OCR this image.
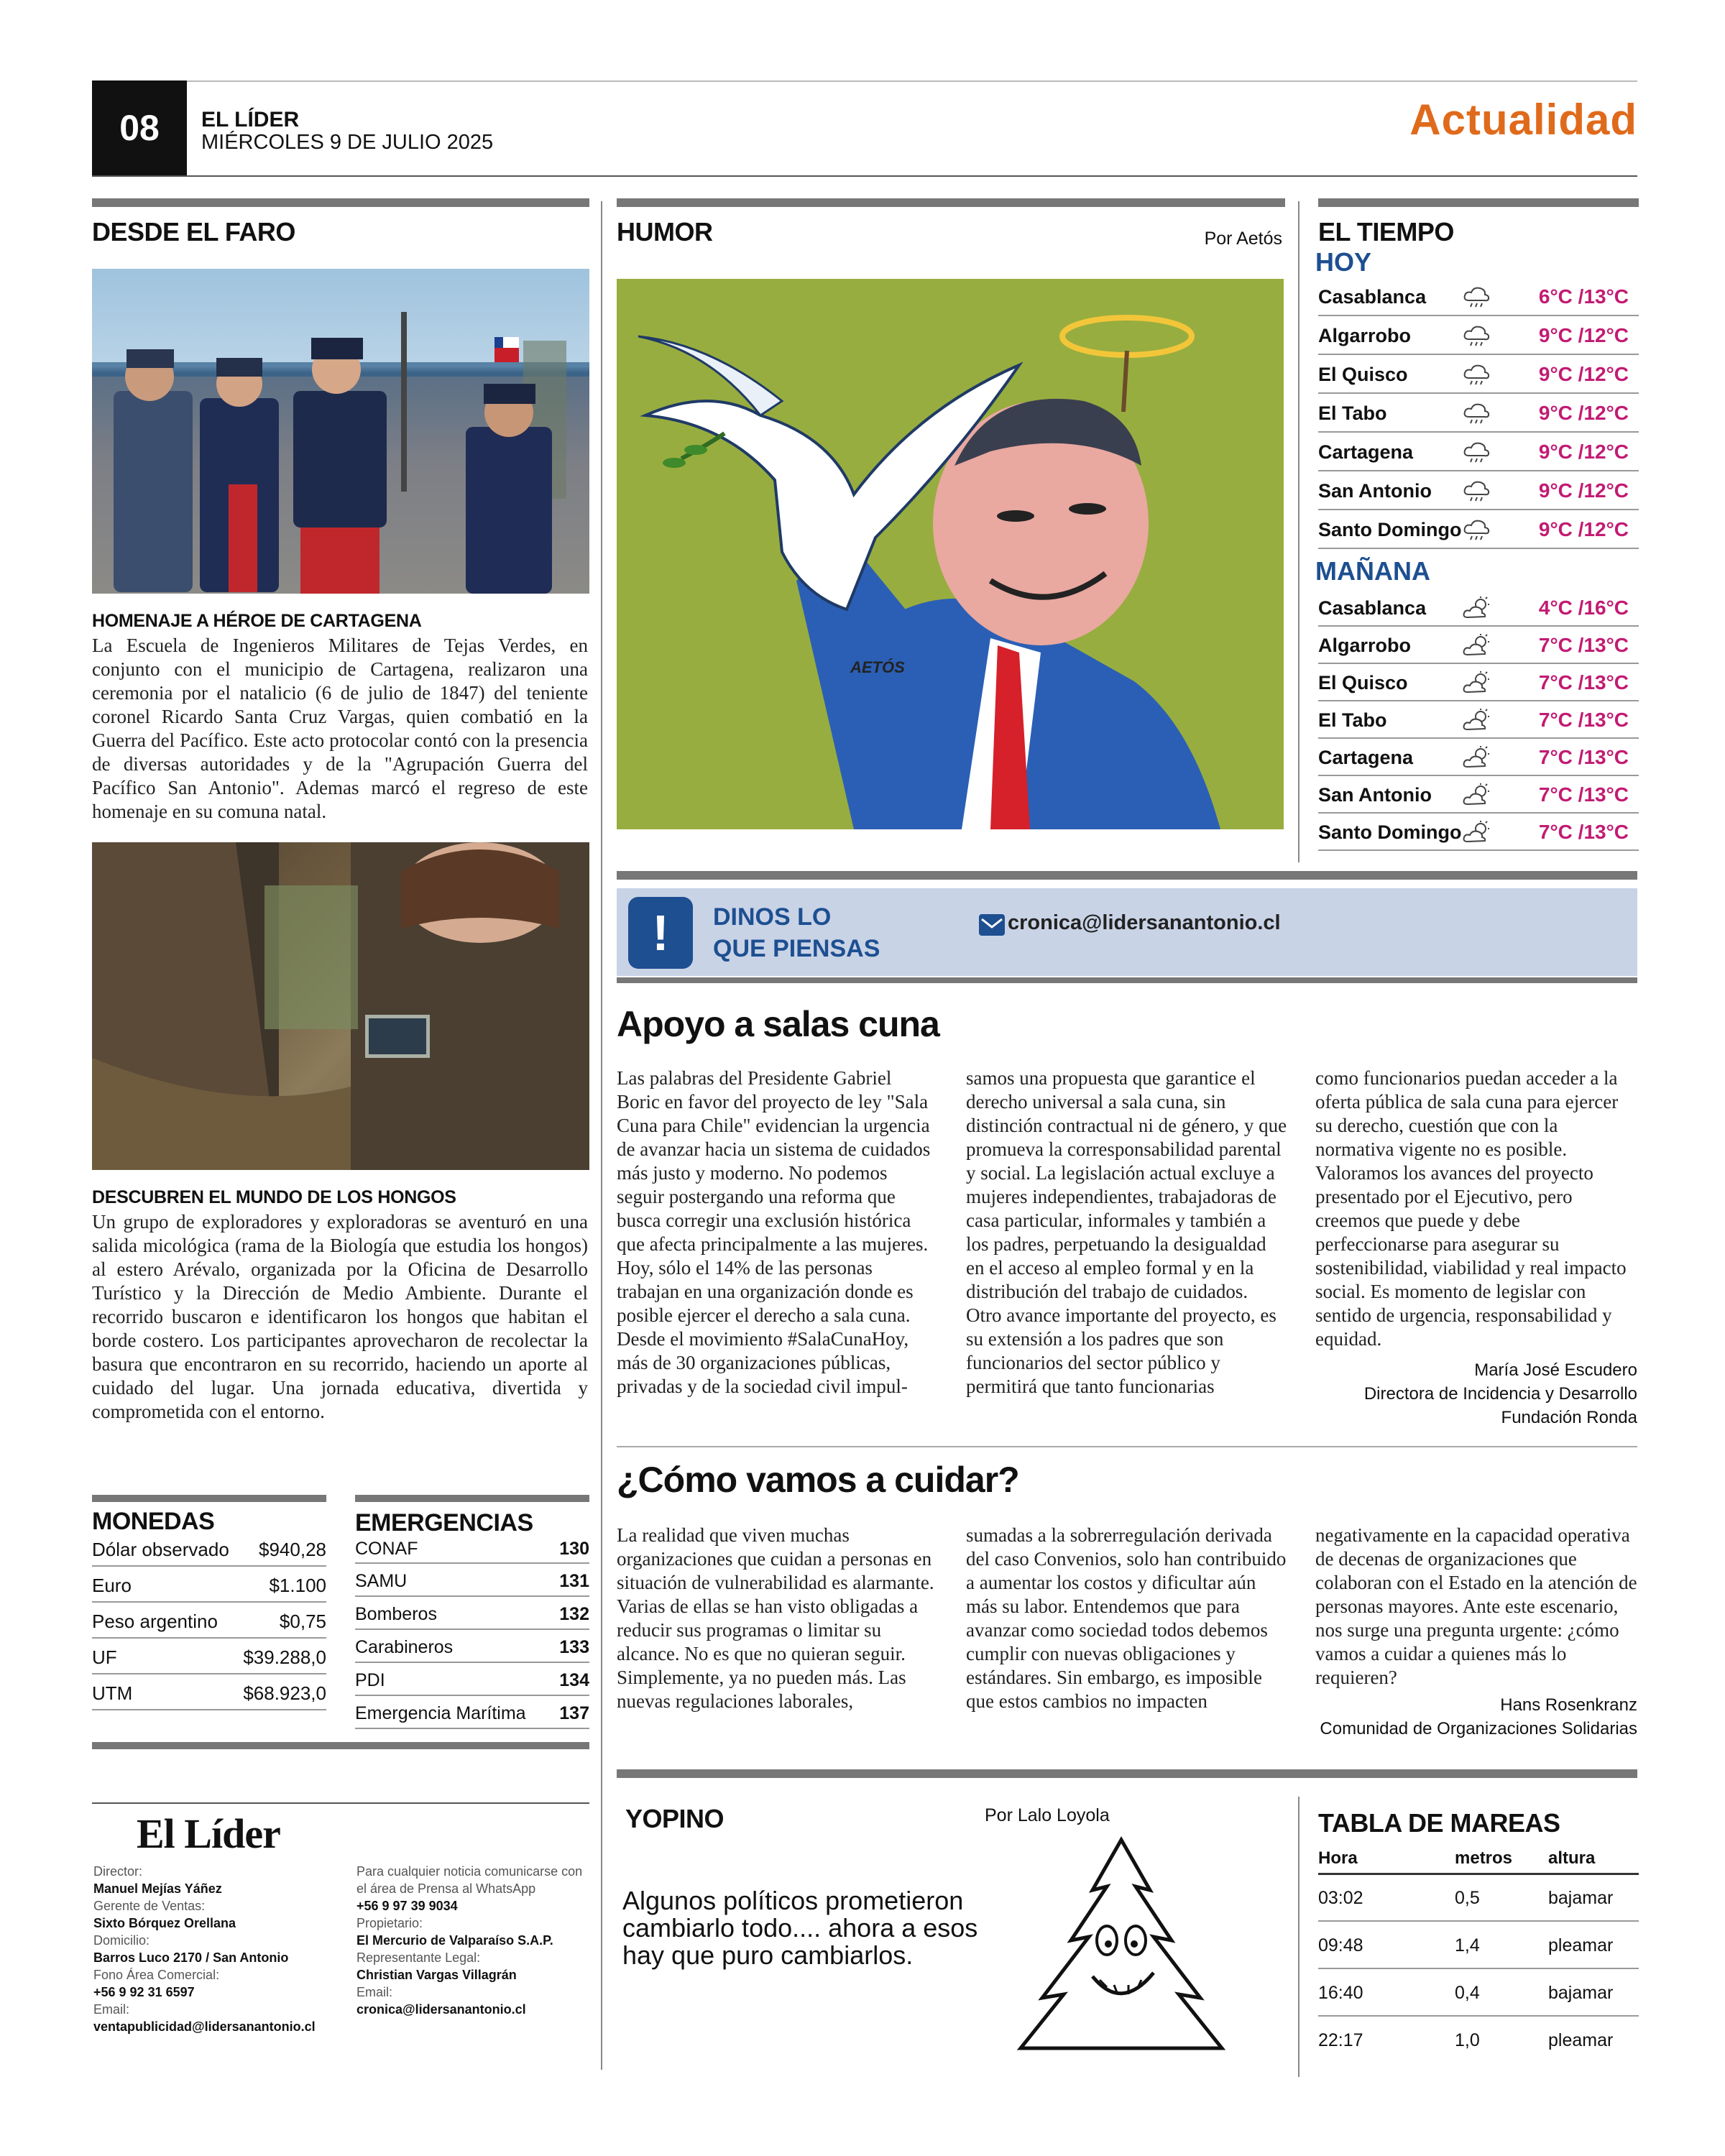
08 EL LÍDER
MIÉRCOLES 9 DE JULIO 2025	Actualidad
DESDE EL FARO
HOMENAJE A HÉROE DE CARTAGENA
La Escuela de Ingenieros Militares de Tejas Verdes, en conjunto con el municipio de Cartagena, realizaron una ceremonia por el natalicio (6 de julio de 1847) del teniente coronel Ricardo Santa Cruz Vargas, quien combatió en la Guerra del Pacífico. Este acto protocolar contó con la presencia de diversas autoridades y de la "Agrupación Guerra del Pacífico San Antonio". Ademas marcó el regreso de este homenaje en su comuna natal.
DESCUBREN EL MUNDO DE LOS HONGOS
Un grupo de exploradores y exploradoras se aventuró en una salida micológica (rama de la Biología que estudia los hongos) al estero Arévalo, organizada por la Oficina de Desarrollo Turístico y la Dirección de Medio Ambiente. Durante el recorrido buscaron e identificaron los hongos que habitan el borde costero. Los participantes aprovecharon de recolectar la basura que encontraron en su recorrido, haciendo un aporte al cuidado del lugar. Una jornada educativa, divertida y comprometida con el entorno.
MONEDAS
Dólar observado	$940,28
Euro	$1.100
Peso argentino	$0,75
UF	$39.288,0
UTM	$68.923,0
EMERGENCIAS
CONAF	130
SAMU	131
Bomberos	132
Carabineros	133
PDI	134
Emergencia Marítima	137
El Líder
Director:
Manuel Mejías Yáñez
Gerente de Ventas:
Sixto Bórquez Orellana
Domicilio:
Barros Luco 2170 / San Antonio
Fono Área Comercial:
+56 9 92 31 6597
Email:
ventapublicidad@lidersanantonio.cl
Para cualquier noticia comunicarse con el área de Prensa al WhatsApp
+56 9 97 39 9034
Propietario:
El Mercurio de Valparaíso S.A.P.
Representante Legal:
Christian Vargas Villagrán
Email:
cronica@lidersanantonio.cl
HUMOR	Por Aetós
AETÓS
EL TIEMPO
HOY
Casablanca	6°C /13°C
Algarrobo	9°C /12°C
El Quisco	9°C /12°C
El Tabo	9°C /12°C
Cartagena	9°C /12°C
San Antonio	9°C /12°C
Santo Domingo	9°C /12°C
MAÑANA
Casablanca	4°C /16°C
Algarrobo	7°C /13°C
El Quisco	7°C /13°C
El Tabo	7°C /13°C
Cartagena	7°C /13°C
San Antonio	7°C /13°C
Santo Domingo	7°C /13°C
!	DINOS LO
QUE PIENSAS
cronica@lidersanantonio.cl
Apoyo a salas cuna
Las palabras del Presidente Gabriel Boric en favor del proyecto de ley "Sala Cuna para Chile" evidencian la urgencia de avanzar hacia un sistema de cuidados más justo y moderno. No podemos seguir postergando una reforma que busca corregir una exclusión histórica que afecta principalmente a las mujeres. Hoy, sólo el 14% de las personas trabajan en una organización donde es posible ejercer el derecho a sala cuna. Desde el movimiento #SalaCunaHoy, más de 30 organizaciones públicas, privadas y de la sociedad civil impul-
samos una propuesta que garantice el derecho universal a sala cuna, sin distinción contractual ni de género, y que promueva la corresponsabilidad parental y social. La legislación actual excluye a mujeres independientes, trabajadoras de casa particular, informales y también a los padres, perpetuando la desigualdad en el acceso al empleo formal y en la distribución del trabajo de cuidados. Otro avance importante del proyecto, es su extensión a los padres que son funcionarios del sector público y permitirá que tanto funcionarias
como funcionarios puedan acceder a la oferta pública de sala cuna para ejercer su derecho, cuestión que con la normativa vigente no es posible. Valoramos los avances del proyecto presentado por el Ejecutivo, pero creemos que puede y debe perfeccionarse para asegurar su sostenibilidad, viabilidad y real impacto social. Es momento de legislar con sentido de urgencia, responsabilidad y equidad.
María José Escudero
Directora de Incidencia y Desarrollo
Fundación Ronda
¿Cómo vamos a cuidar?
La realidad que viven muchas organizaciones que cuidan a personas en situación de vulnerabilidad es alarmante. Varias de ellas se han visto obligadas a reducir sus programas o limitar su alcance. No es que no quieran seguir. Simplemente, ya no pueden más. Las nuevas regulaciones laborales,
sumadas a la sobrerregulación derivada del caso Convenios, solo han contribuido a aumentar los costos y dificultar aún más su labor. Entendemos que para avanzar como sociedad todos debemos cumplir con nuevas obligaciones y estándares. Sin embargo, es imposible que estos cambios no impacten
negativamente en la capacidad operativa de decenas de organizaciones que colaboran con el Estado en la atención de personas mayores. Ante este escenario, nos surge una pregunta urgente: ¿cómo vamos a cuidar a quienes más lo requieren?
Hans Rosenkranz
Comunidad de Organizaciones Solidarias
YOPINO	Por Lalo Loyola
Algunos políticos prometieron cambiarlo todo.... ahora a esos hay que puro cambiarlos.
TABLA DE MAREAS
Hora	metros	altura
03:02	0,5	bajamar
09:48	1,4	pleamar
16:40	0,4	bajamar
22:17	1,0	pleamar
